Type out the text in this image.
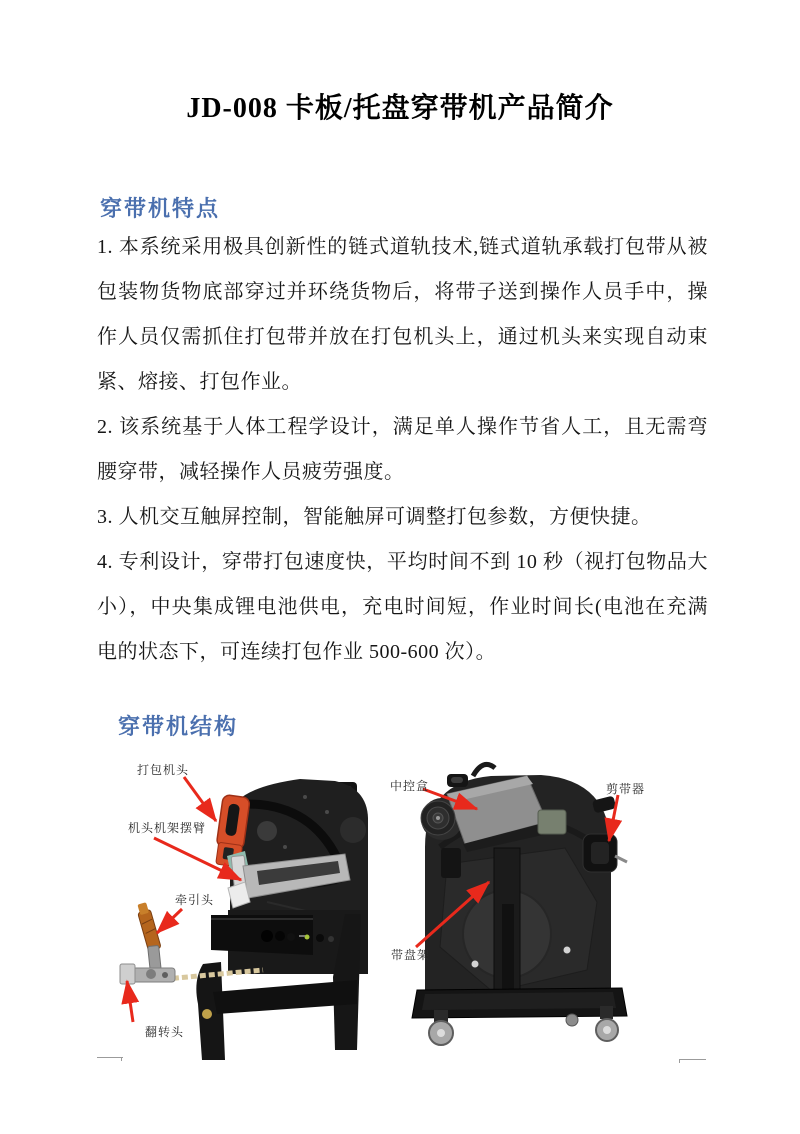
JD-008 卡板/托盘穿带机产品简介
穿带机特点

1. 本系统采用极具创新性的链式道轨技术,链式道轨承载打包带从被包装物货物底部穿过并环绕货物后，将带子送到操作人员手中，操作人员仅需抓住打包带并放在打包机头上，通过机头来实现自动束紧、熔接、打包作业。

2. 该系统基于人体工程学设计，满足单人操作节省人工，且无需弯腰穿带，减轻操作人员疲劳强度。

3. 人机交互触屏控制，智能触屏可调整打包参数，方便快捷。

4. 专利设计，穿带打包速度快，平均时间不到 10 秒（视打包物品大小），中央集成锂电池供电，充电时间短，作业时间长(电池在充满电的状态下，可连续打包作业 500-600 次）。

穿带机结构
打包机头
机头机架摆臂
牵引头
翻转头
中控盒	剪带器
带盘架
